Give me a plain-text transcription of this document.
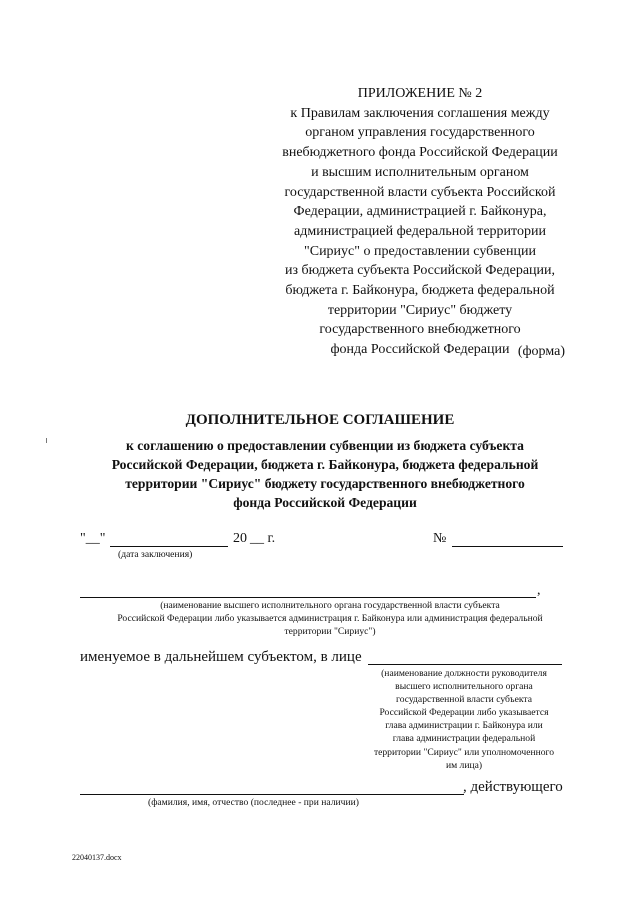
ПРИЛОЖЕНИЕ № 2
к Правилам заключения соглашения между
органом управления государственного
внебюджетного фонда Российской Федерации
и высшим исполнительным органом
государственной власти субъекта Российской
Федерации, администрацией г. Байконура,
администрацией федеральной территории
"Сириус" о предоставлении субвенции
из бюджета субъекта Российской Федерации,
бюджета г. Байконура, бюджета федеральной
территории "Сириус" бюджету
государственного внебюджетного
фонда Российской Федерации (форма)
ДОПОЛНИТЕЛЬНОЕ СОГЛАШЕНИЕ
к соглашению о предоставлении субвенции из бюджета субъекта
Российской Федерации, бюджета г. Байконура, бюджета федеральной
территории "Сириус" бюджету государственного внебюджетного
фонда Российской Федерации
"__"	20 __ г.
(дата заключения)
№
,
(наименование высшего исполнительного органа государственной власти субъекта
Российской Федерации либо указывается администрация г. Байконура или администрация федеральной
территории "Сириус")
именуемое в дальнейшем субъектом, в лице
(наименование должности руководителя
высшего исполнительного органа
государственной власти субъекта
Российской Федерации либо указывается
глава администрации г. Байконура или
глава администрации федеральной
территории "Сириус" или уполномоченного
им лица)
, действующего
(фамилия, имя, отчество (последнее - при наличии)
22040137.docx
